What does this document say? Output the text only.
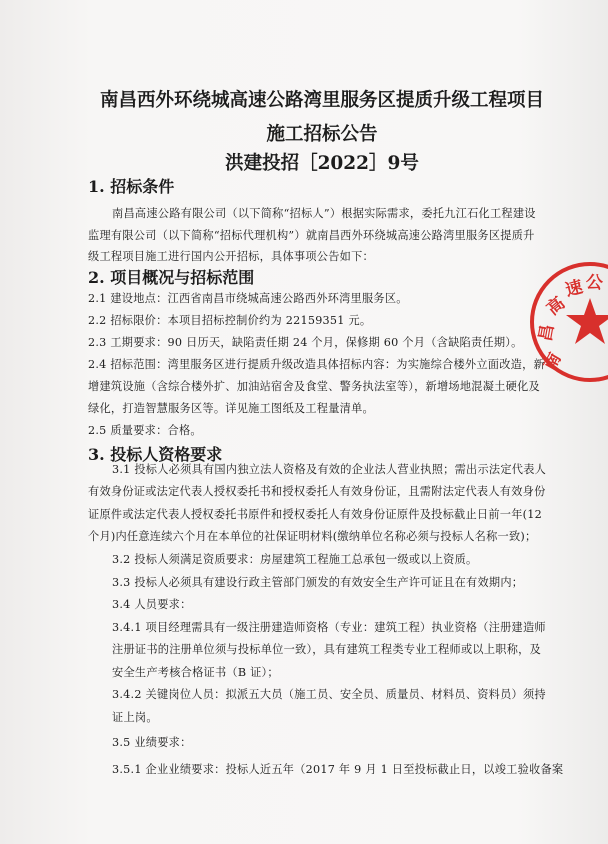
南昌西外环绕城高速公路湾里服务区提质升级工程项目
施工招标公告
洪建投招［2022］9号
1. 招标条件
南昌高速公路有限公司（以下简称“招标人”）根据实际需求，委托九江石化工程建设
监理有限公司（以下简称“招标代理机构”）就南昌西外环绕城高速公路湾里服务区提质升
级工程项目施工进行国内公开招标，具体事项公告如下：
2. 项目概况与招标范围
2.1 建设地点：江西省南昌市绕城高速公路西外环湾里服务区。
2.2 招标限价：本项目招标控制价约为 22159351 元。
2.3 工期要求：90 日历天，缺陷责任期 24 个月，保修期 60 个月（含缺陷责任期）。
2.4 招标范围：湾里服务区进行提质升级改造具体招标内容：为实施综合楼外立面改造，新
增建筑设施（含综合楼外扩、加油站宿舍及食堂、警务执法室等），新增场地混凝土硬化及
绿化，打造智慧服务区等。详见施工图纸及工程量清单。
2.5 质量要求：合格。
3. 投标人资格要求
3.1 投标人必须具有国内独立法人资格及有效的企业法人营业执照；需出示法定代表人
有效身份证或法定代表人授权委托书和授权委托人有效身份证，且需附法定代表人有效身份
证原件或法定代表人授权委托书原件和授权委托人有效身份证原件及投标截止日前一年(12
个月)内任意连续六个月在本单位的社保证明材料(缴纳单位名称必须与投标人名称一致)；
3.2 投标人须满足资质要求：房屋建筑工程施工总承包一级或以上资质。
3.3 投标人必须具有建设行政主管部门颁发的有效安全生产许可证且在有效期内；
3.4 人员要求：
3.4.1 项目经理需具有一级注册建造师资格（专业：建筑工程）执业资格（注册建造师
注册证书的注册单位须与投标单位一致），具有建筑工程类专业工程师或以上职称，及
安全生产考核合格证书（B 证）；
3.4.2 关键岗位人员：拟派五大员（施工员、安全员、质量员、材料员、资料员）须持
证上岗。
3.5 业绩要求：
3.5.1 企业业绩要求：投标人近五年（2017 年 9 月 1 日至投标截止日，以竣工验收备案
南
昌
高
速 公
